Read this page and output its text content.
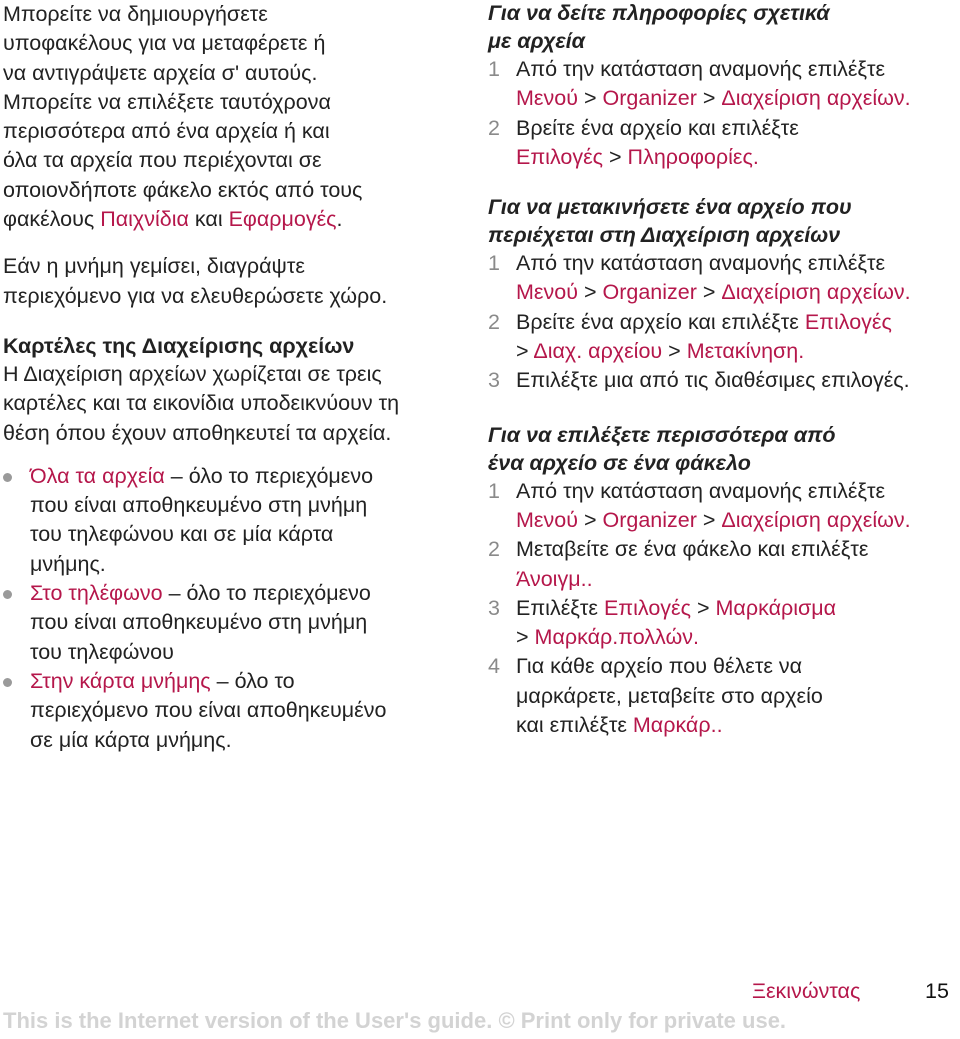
Μπορείτε να δημιουργήσετε
υποφακέλους για να μεταφέρετε ή
να αντιγράψετε αρχεία σ' αυτούς.
Μπορείτε να επιλέξετε ταυτόχρονα
περισσότερα από ένα αρχεία ή και
όλα τα αρχεία που περιέχονται σε
οποιονδήποτε φάκελο εκτός από τους
φακέλους Παιχνίδια και Εφαρμογές.

Εάν η μνήμη γεμίσει, διαγράψτε
περιεχόμενο για να ελευθερώσετε χώρο.

Καρτέλες της Διαχείρισης αρχείων

Η Διαχείριση αρχείων χωρίζεται σε τρεις
καρτέλες και τα εικονίδια υποδεικνύουν τη
θέση όπου έχουν αποθηκευτεί τα αρχεία.

Όλα τα αρχεία – όλο το περιεχόμενο
που είναι αποθηκευμένο στη μνήμη
του τηλεφώνου και σε μία κάρτα
μνήμης.
Στο τηλέφωνο – όλο το περιεχόμενο
που είναι αποθηκευμένο στη μνήμη
του τηλεφώνου
Στην κάρτα μνήμης – όλο το
περιεχόμενο που είναι αποθηκευμένο
σε μία κάρτα μνήμης.

Για να δείτε πληροφορίες σχετικά
με αρχεία

1 Από την κατάσταση αναμονής επιλέξτε
Μενού > Organizer > Διαχείριση αρχείων.
2 Βρείτε ένα αρχείο και επιλέξτε
Επιλογές > Πληροφορίες.

Για να μετακινήσετε ένα αρχείο που
περιέχεται στη Διαχείριση αρχείων

1 Από την κατάσταση αναμονής επιλέξτε
Μενού > Organizer > Διαχείριση αρχείων.
2 Βρείτε ένα αρχείο και επιλέξτε Επιλογές
> Διαχ. αρχείου > Μετακίνηση.
3 Επιλέξτε μια από τις διαθέσιμες επιλογές.

Για να επιλέξετε περισσότερα από
ένα αρχείο σε ένα φάκελο

1 Από την κατάσταση αναμονής επιλέξτε
Μενού > Organizer > Διαχείριση αρχείων.
2 Μεταβείτε σε ένα φάκελο και επιλέξτε
Άνοιγμ..
3 Επιλέξτε Επιλογές > Μαρκάρισμα
> Μαρκάρ.πολλών.
4 Για κάθε αρχείο που θέλετε να
μαρκάρετε, μεταβείτε στο αρχείο
και επιλέξτε Μαρκάρ..
Ξεκινώντας	15
This is the Internet version of the User's guide. © Print only for private use.
